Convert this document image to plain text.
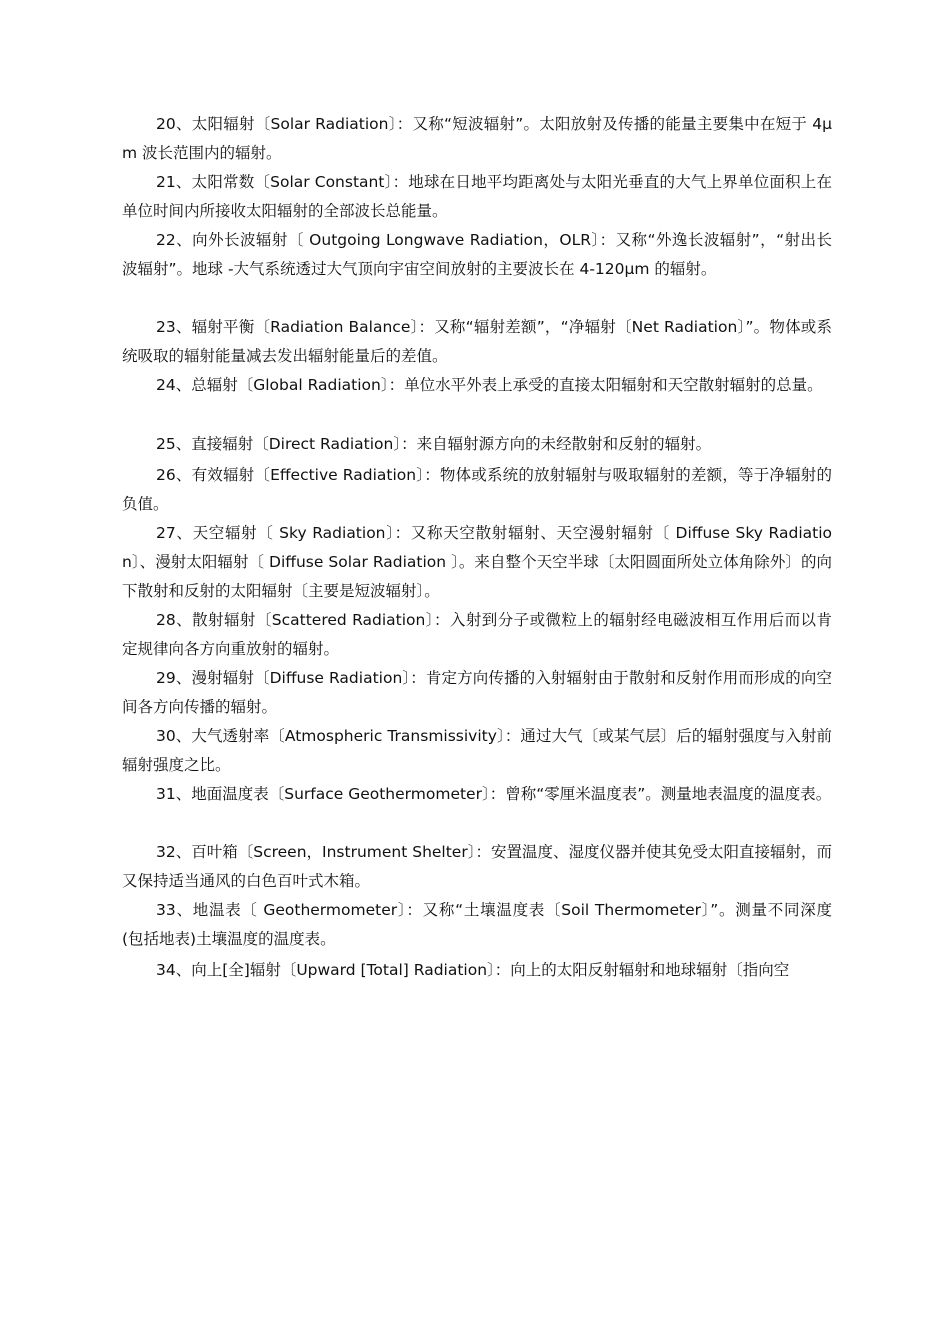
20、太阳辐射〔Solar Radiation〕：又称“短波辐射”。太阳放射及传播的能量主要集中在短于 4μm 波长范围内的辐射。

21、太阳常数〔Solar Constant〕：地球在日地平均距离处与太阳光垂直的大气上界单位面积上在单位时间内所接收太阳辐射的全部波长总能量。

22、向外长波辐射〔 Outgoing Longwave Radiation，OLR〕：又称“外逸长波辐射”，“射出长波辐射”。地球 -大气系统透过大气顶向宇宙空间放射的主要波长在 4-120μm 的辐射。

23、辐射平衡〔Radiation Balance〕：又称“辐射差额”，“净辐射〔Net Radiation〕”。物体或系统吸取的辐射能量减去发出辐射能量后的差值。

24、总辐射〔Global Radiation〕：单位水平外表上承受的直接太阳辐射和天空散射辐射的总量。

25、直接辐射〔Direct Radiation〕：来自辐射源方向的未经散射和反射的辐射。

26、有效辐射〔Effective Radiation〕：物体或系统的放射辐射与吸取辐射的差额，等于净辐射的负值。

27、天空辐射〔 Sky Radiation〕：又称天空散射辐射、天空漫射辐射〔 Diffuse Sky Radiation〕、漫射太阳辐射〔 Diffuse Solar Radiation 〕。来自整个天空半球〔太阳圆面所处立体角除外〕的向下散射和反射的太阳辐射〔主要是短波辐射〕。

28、散射辐射〔Scattered Radiation〕：入射到分子或微粒上的辐射经电磁波相互作用后而以肯定规律向各方向重放射的辐射。

29、漫射辐射〔Diffuse Radiation〕：肯定方向传播的入射辐射由于散射和反射作用而形成的向空间各方向传播的辐射。

30、大气透射率〔Atmospheric Transmissivity〕：通过大气〔或某气层〕后的辐射强度与入射前辐射强度之比。

31、地面温度表〔Surface Geothermometer〕：曾称“零厘米温度表”。测量地表温度的温度表。

32、百叶箱〔Screen，Instrument Shelter〕：安置温度、湿度仪器并使其免受太阳直接辐射，而又保持适当通风的白色百叶式木箱。

33、地温表〔 Geothermometer〕：又称“土壤温度表〔Soil Thermometer〕”。测量不同深度 (包括地表)土壤温度的温度表。

34、向上[全]辐射〔Upward [Total] Radiation〕：向上的太阳反射辐射和地球辐射〔指向空
